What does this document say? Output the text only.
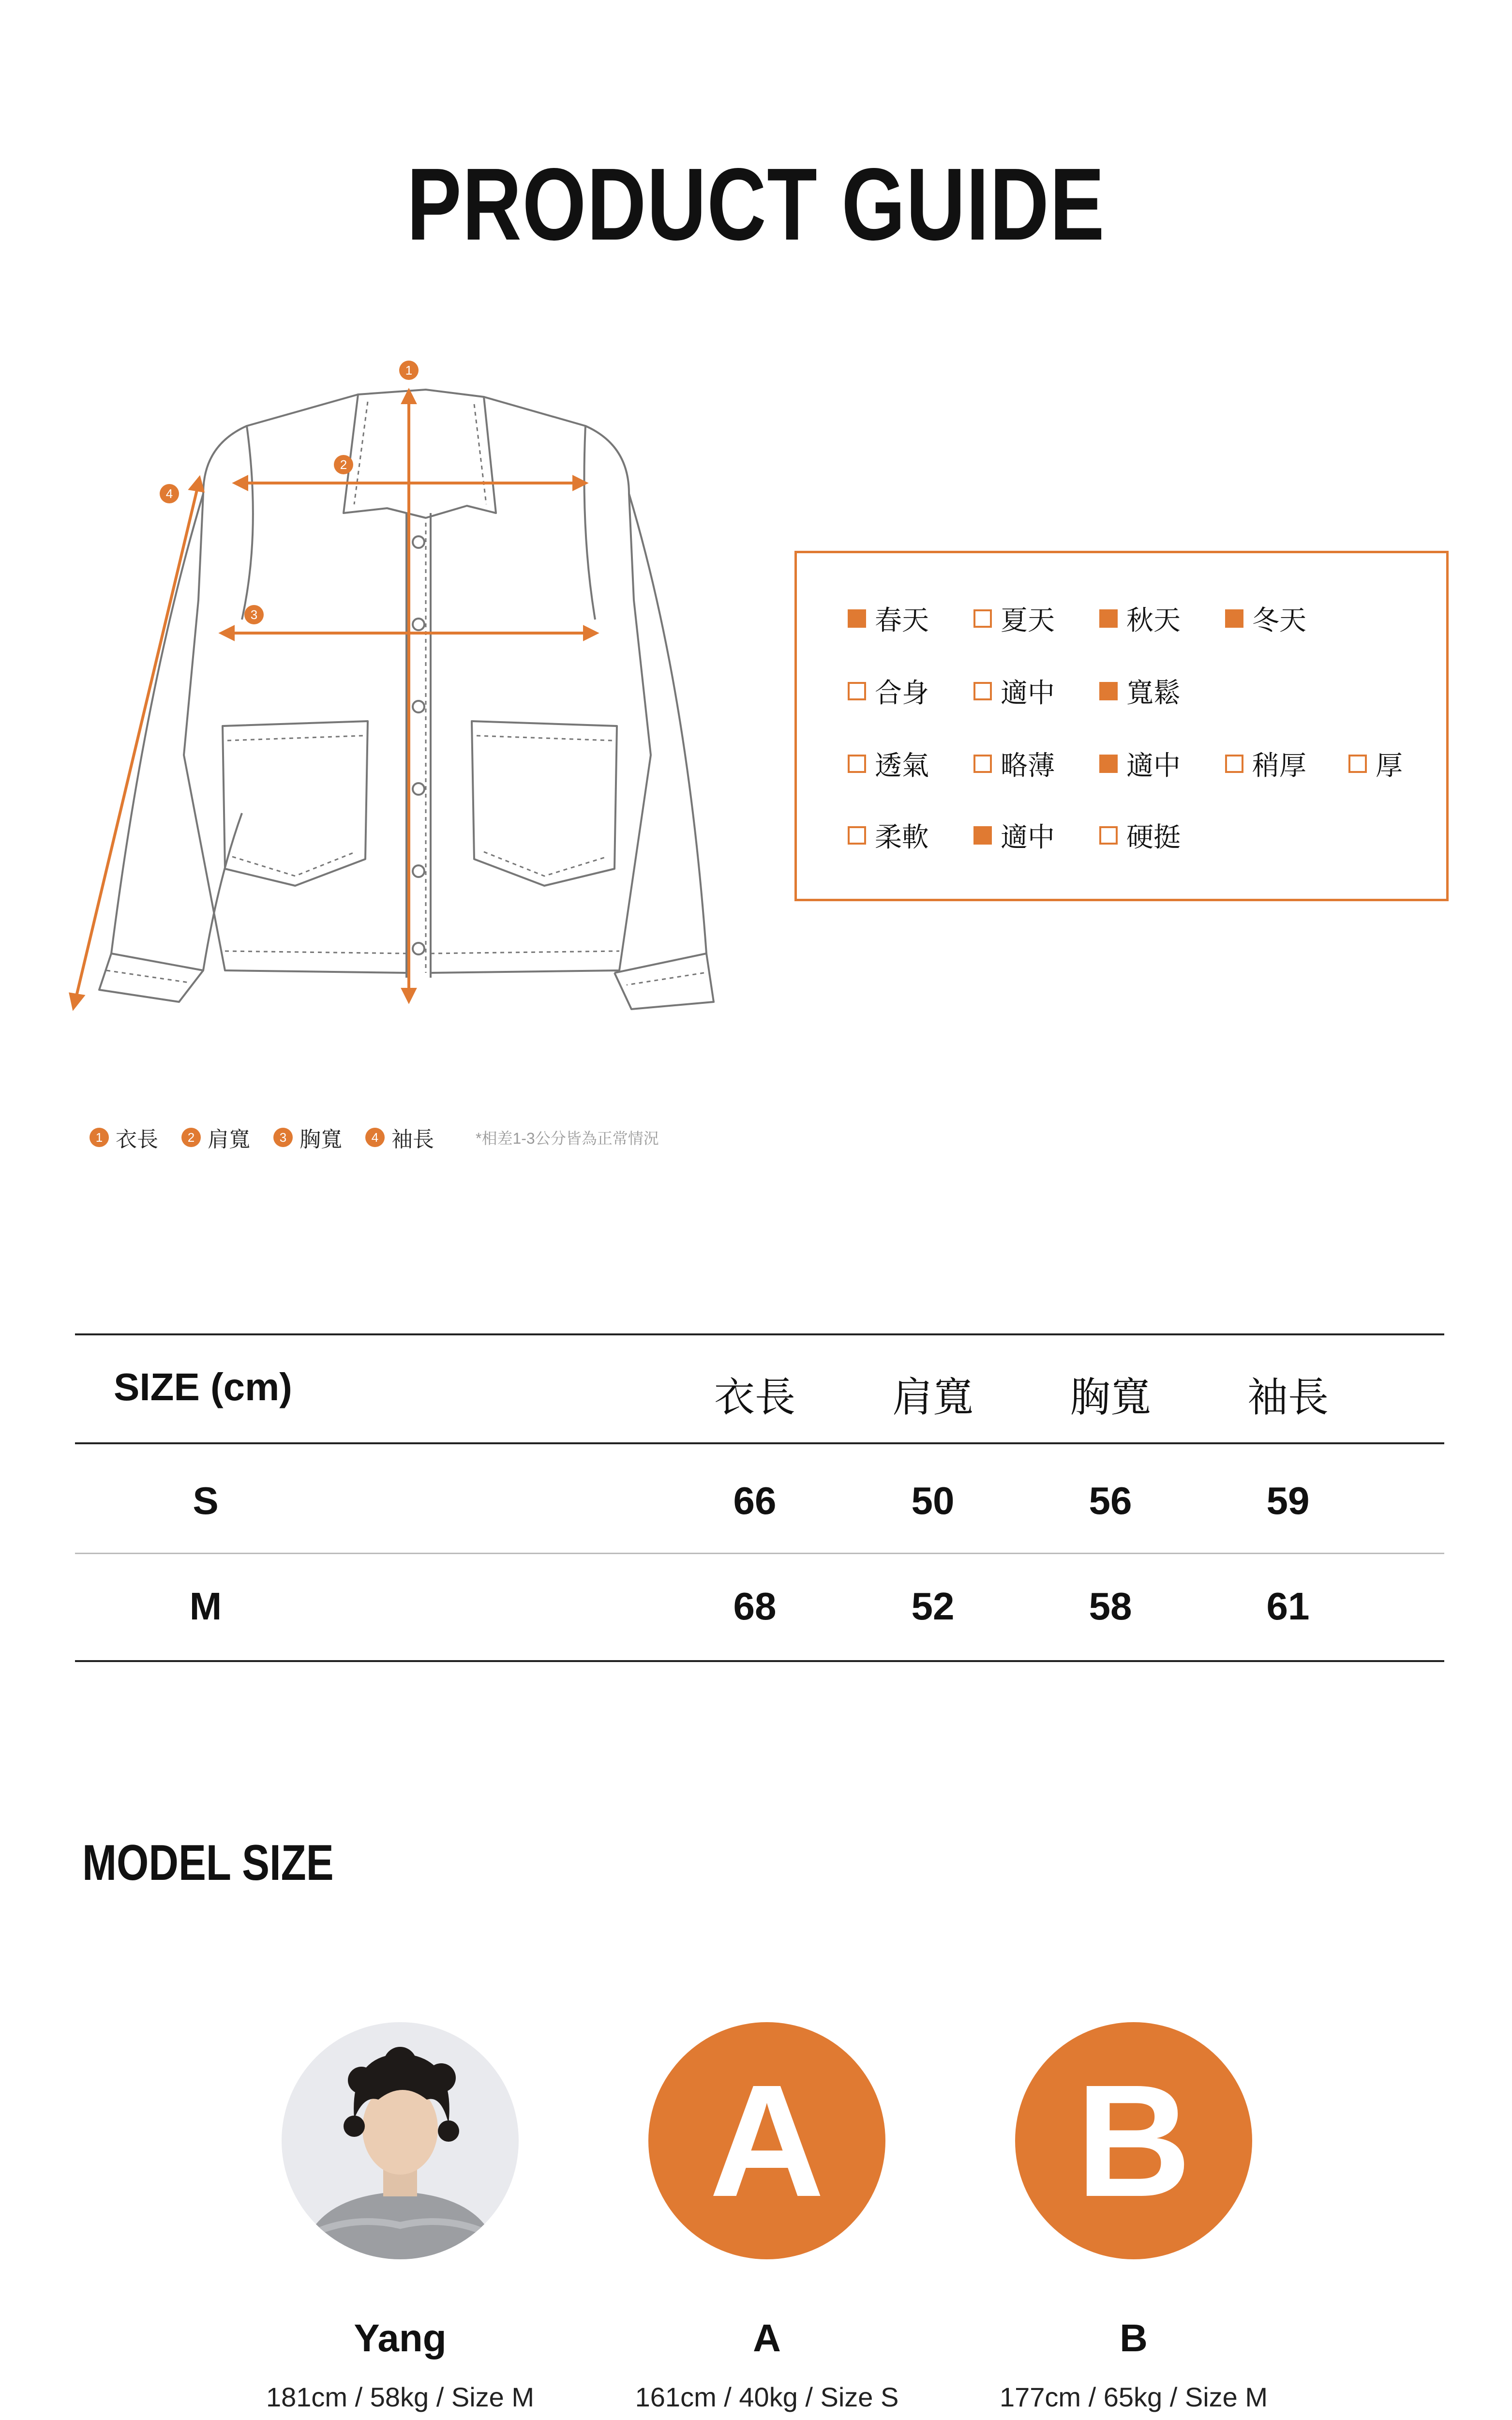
PRODUCT GUIDE
1
2
3
4
1 衣長	2 肩寬	3 胸寬	4 袖長	*相差1-3公分皆為正常情況
春天	夏天	秋天	冬天
合身	適中	寬鬆
透氣	略薄	適中	稍厚	厚
柔軟	適中	硬挺
SIZE (cm)	衣長	肩寬	胸寬	袖長
S	66	50	56	59
M	68	52	58	61
MODEL SIZE
Yang
181cm / 58kg / Size M
A
A
161cm / 40kg / Size S
B
B
177cm / 65kg / Size M
